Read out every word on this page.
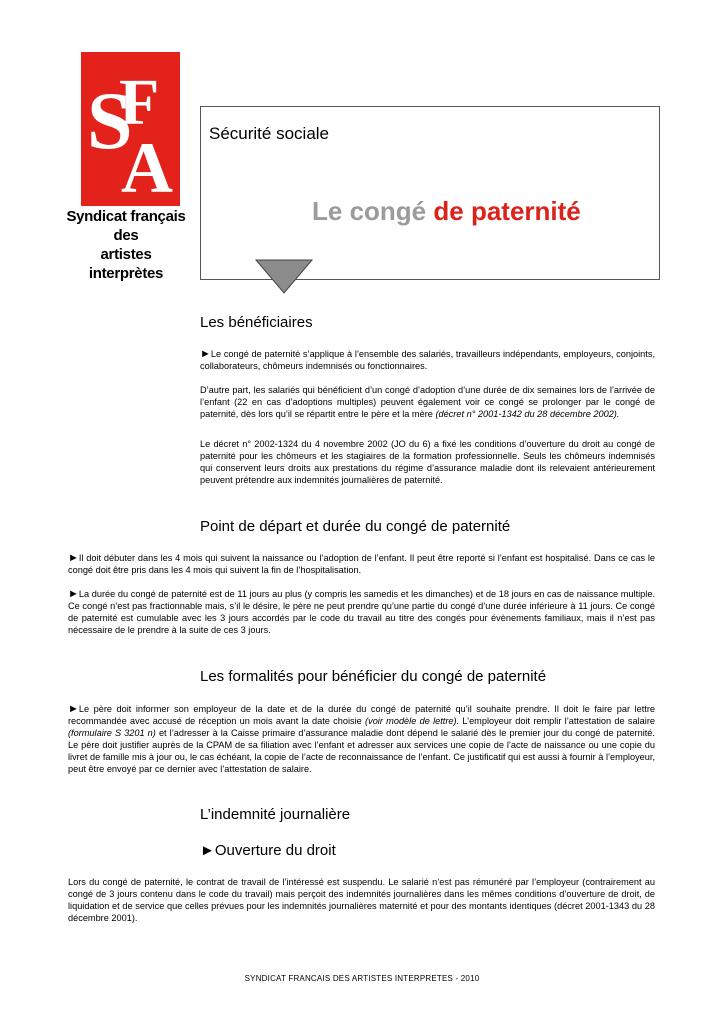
S F
A
Syndicat français
des
artistes interprètes
Sécurité sociale
Le congé de paternité
Les bénéficiaires
►Le congé de paternité s’applique à l’ensemble des salariés, travailleurs indépendants, employeurs, conjoints, collaborateurs, chômeurs indemnisés ou fonctionnaires.
D’autre part, les salariés qui bénéficient d’un congé d’adoption d’une durée de dix semaines lors de l’arrivée de l’enfant (22 en cas d’adoptions multiples) peuvent également voir ce congé se prolonger par le congé de paternité, dès lors qu’il se répartit entre le père et la mère (décret n° 2001-1342 du 28 décembre 2002).
Le décret n° 2002-1324 du 4 novembre 2002 (JO du 6) a fixé les conditions d’ouverture du droit au congé de paternité pour les chômeurs et les stagiaires de la formation professionnelle. Seuls les chômeurs indemnisés qui conservent leurs droits aux prestations du régime d’assurance maladie dont ils relevaient antérieurement peuvent prétendre aux indemnités journalières de paternité.
Point de départ et durée du congé de paternité
►Il doit débuter dans les 4 mois qui suivent la naissance ou l’adoption de l’enfant. Il peut être reporté si l’enfant est hospitalisé. Dans ce cas le congé doit être pris dans les 4 mois qui suivent la fin de l’hospitalisation.
►La durée du congé de paternité est de 11 jours au plus (y compris les samedis et les dimanches) et de 18 jours en cas de naissance multiple. Ce congé n’est pas fractionnable mais, s’il le désire, le père ne peut prendre qu’une partie du congé d’une durée inférieure à 11 jours. Ce congé de paternité est cumulable avec les 3 jours accordés par le code du travail au titre des congés pour évènements familiaux, mais il n’est pas nécessaire de le prendre à la suite de ces 3 jours.
Les formalités pour bénéficier du congé de paternité
►Le père doit informer son employeur de la date et de la durée du congé de paternité qu’il souhaite prendre. Il doit le faire par lettre recommandée avec accusé de réception un mois avant la date choisie (voir modèle de lettre). L’employeur doit remplir l’attestation de salaire (formulaire S 3201 n) et l’adresser à la Caisse primaire d’assurance maladie dont dépend le salarié dès le premier jour du congé de paternité. Le père doit justifier auprès de la CPAM de sa filiation avec l’enfant et adresser aux services une copie de l’acte de naissance ou une copie du livret de famille mis à jour ou, le cas échéant, la copie de l’acte de reconnaissance de l’enfant. Ce justificatif qui est aussi à fournir à l’employeur, peut être envoyé par ce dernier avec l’attestation de salaire.
L’indemnité journalière
►Ouverture du droit
Lors du congé de paternité, le contrat de travail de l’intéressé est suspendu. Le salarié n’est pas rémunéré par l’employeur (contrairement au congé de 3 jours contenu dans le code du travail) mais perçoit des indemnités journalières dans les mêmes conditions d’ouverture de droit, de liquidation et de service que celles prévues pour les indemnités journalières maternité et pour des montants identiques (décret 2001-1343 du 28 décembre 2001).
SYNDICAT FRANCAIS DES ARTISTES INTERPRETES - 2010
